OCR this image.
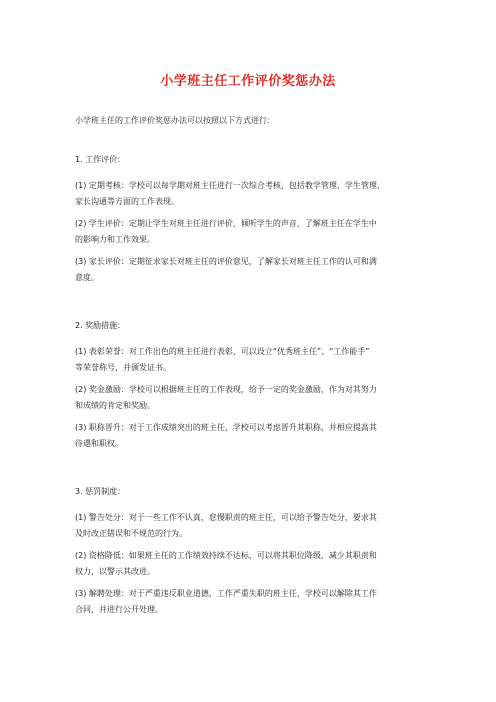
小学班主任工作评价奖惩办法
小学班主任的工作评价奖惩办法可以按照以下方式进行：
1. 工作评价：
(1) 定期考核：学校可以每学期对班主任进行一次综合考核，包括教学管理、学生管理、
家长沟通等方面的工作表现。
(2) 学生评价：定期让学生对班主任进行评价，倾听学生的声音，了解班主任在学生中
的影响力和工作效果。
(3) 家长评价：定期征求家长对班主任的评价意见，了解家长对班主任工作的认可和满
意度。
2. 奖励措施：
(1) 表彰荣誉：对工作出色的班主任进行表彰，可以设立“优秀班主任”、“工作能手”
等荣誉称号，并颁发证书。
(2) 奖金激励：学校可以根据班主任的工作表现，给予一定的奖金激励，作为对其努力
和成绩的肯定和奖励。
(3) 职称晋升：对于工作成绩突出的班主任，学校可以考虑晋升其职称，并相应提高其
待遇和职权。
3. 惩罚制度：
(1) 警告处分：对于一些工作不认真、怠慢职责的班主任，可以给予警告处分，要求其
及时改正错误和不规范的行为。
(2) 资格降低：如果班主任的工作绩效持续不达标，可以将其职位降级，减少其职责和
权力，以警示其改进。
(3) 解聘处理：对于严重违反职业道德、工作严重失职的班主任，学校可以解除其工作
合同，并进行公开处理。
